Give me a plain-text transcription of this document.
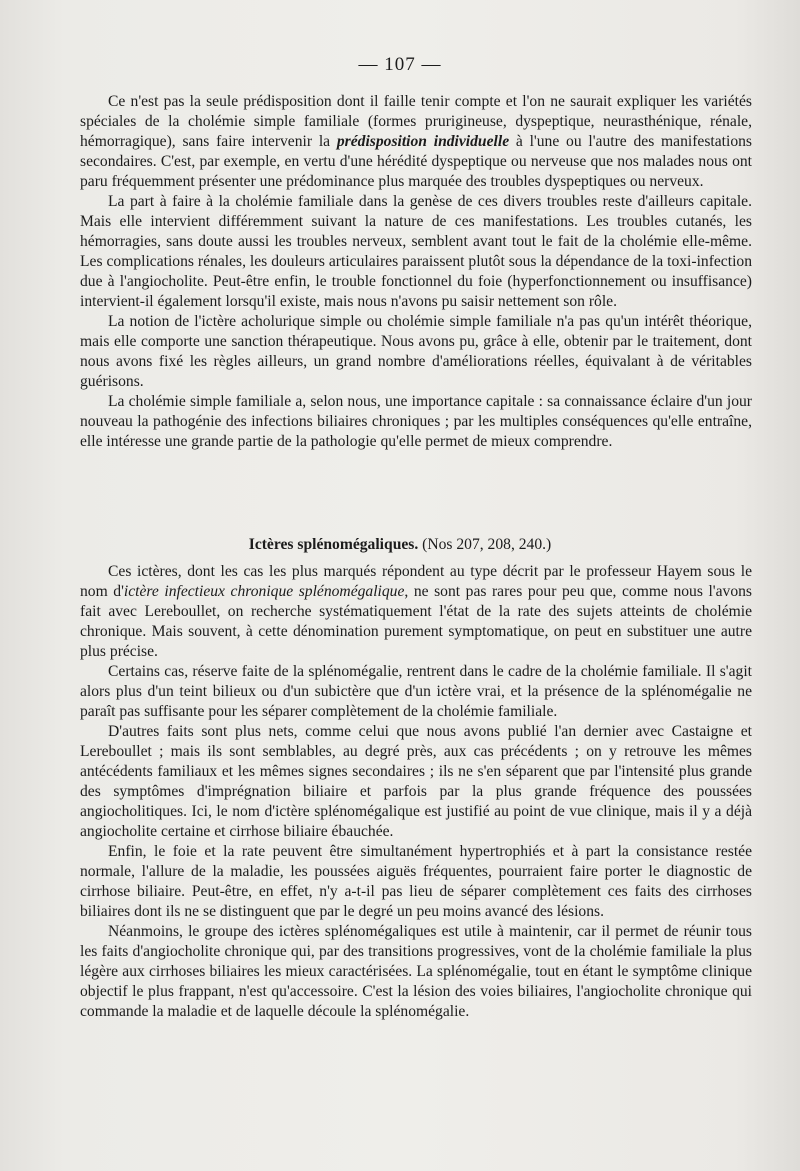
— 107 —

Ce n'est pas la seule prédisposition dont il faille tenir compte et l'on ne saurait expliquer les variétés spéciales de la cholémie simple familiale (formes prurigineuse, dyspeptique, neurasthénique, rénale, hémorragique), sans faire intervenir la prédisposition individuelle à l'une ou l'autre des manifestations secondaires. C'est, par exemple, en vertu d'une hérédité dyspeptique ou nerveuse que nos malades nous ont paru fréquemment présenter une prédominance plus marquée des troubles dyspeptiques ou nerveux.

La part à faire à la cholémie familiale dans la genèse de ces divers troubles reste d'ailleurs capitale. Mais elle intervient différemment suivant la nature de ces manifestations. Les troubles cutanés, les hémorragies, sans doute aussi les troubles nerveux, semblent avant tout le fait de la cholémie elle-même. Les complications rénales, les douleurs articulaires paraissent plutôt sous la dépendance de la toxi-infection due à l'angiocholite. Peut-être enfin, le trouble fonctionnel du foie (hyperfonctionnement ou insuffisance) intervient-il également lorsqu'il existe, mais nous n'avons pu saisir nettement son rôle.

La notion de l'ictère acholurique simple ou cholémie simple familiale n'a pas qu'un intérêt théorique, mais elle comporte une sanction thérapeutique. Nous avons pu, grâce à elle, obtenir par le traitement, dont nous avons fixé les règles ailleurs, un grand nombre d'améliorations réelles, équivalant à de véritables guérisons.

La cholémie simple familiale a, selon nous, une importance capitale : sa connaissance éclaire d'un jour nouveau la pathogénie des infections biliaires chroniques ; par les multiples conséquences qu'elle entraîne, elle intéresse une grande partie de la pathologie qu'elle permet de mieux comprendre.

Ictères splénomégaliques. (Nos 207, 208, 240.)

Ces ictères, dont les cas les plus marqués répondent au type décrit par le professeur Hayem sous le nom d'ictère infectieux chronique splénomégalique, ne sont pas rares pour peu que, comme nous l'avons fait avec Lereboullet, on recherche systématiquement l'état de la rate des sujets atteints de cholémie chronique. Mais souvent, à cette dénomination purement symptomatique, on peut en substituer une autre plus précise.

Certains cas, réserve faite de la splénomégalie, rentrent dans le cadre de la cholémie familiale. Il s'agit alors plus d'un teint bilieux ou d'un subictère que d'un ictère vrai, et la présence de la splénomégalie ne paraît pas suffisante pour les séparer complètement de la cholémie familiale.

D'autres faits sont plus nets, comme celui que nous avons publié l'an dernier avec Castaigne et Lereboullet ; mais ils sont semblables, au degré près, aux cas précédents ; on y retrouve les mêmes antécédents familiaux et les mêmes signes secondaires ; ils ne s'en séparent que par l'intensité plus grande des symptômes d'imprégnation biliaire et parfois par la plus grande fréquence des poussées angiocholitiques. Ici, le nom d'ictère splénomégalique est justifié au point de vue clinique, mais il y a déjà angiocholite certaine et cirrhose biliaire ébauchée.

Enfin, le foie et la rate peuvent être simultanément hypertrophiés et à part la consistance restée normale, l'allure de la maladie, les poussées aiguës fréquentes, pourraient faire porter le diagnostic de cirrhose biliaire. Peut-être, en effet, n'y a-t-il pas lieu de séparer complètement ces faits des cirrhoses biliaires dont ils ne se distinguent que par le degré un peu moins avancé des lésions.

Néanmoins, le groupe des ictères splénomégaliques est utile à maintenir, car il permet de réunir tous les faits d'angiocholite chronique qui, par des transitions progressives, vont de la cholémie familiale la plus légère aux cirrhoses biliaires les mieux caractérisées. La splénomégalie, tout en étant le symptôme clinique objectif le plus frappant, n'est qu'accessoire. C'est la lésion des voies biliaires, l'angiocholite chronique qui commande la maladie et de laquelle découle la splénomégalie.
